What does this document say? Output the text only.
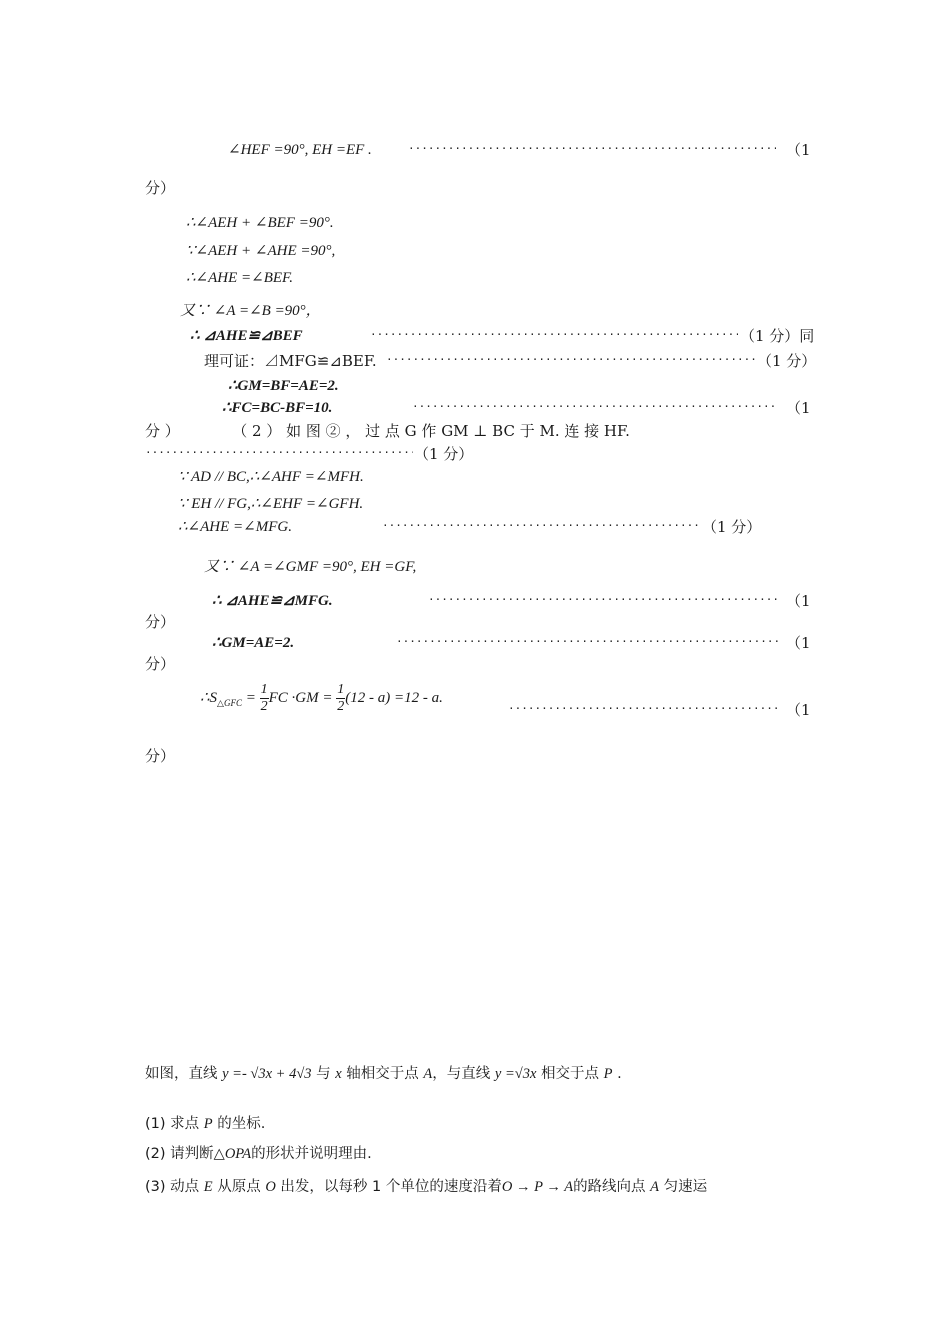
∠HEF =90°, EH =EF . ·····	（1
分）
∴∠AEH + ∠BEF =90°.
∵∠AEH + ∠AHE =90°,
∴∠AHE =∠BEF.
又∵ ∠A =∠B =90°，
∴ ⊿AHE≌⊿BEF ·····	（1 分）同
理可证：⊿MFG≌⊿BEF. ·····	（1 分）
∴GM=BF=AE=2.
∴FC=BC-BF=10. ·····	（1
分 ）           （ 2 ） 如 图 ② ， 过 点 G 作 GM ⊥ BC 于 M. 连 接 HF.
·····
（1 分）
∵ AD // BC,∴∠AHF =∠MFH.
∵ EH // FG,∴∠EHF =∠GFH.
∴∠AHE =∠MFG. ·····	（1 分）
又∵ ∠A =∠GMF =90°, EH =GF,
∴ ⊿AHE≌⊿MFG. ·····	（1
分）
∴GM=AE=2. ·····	（1
分）
$\therefore S_{\triangle GFC} = \frac{1}{2}$ FC $\cdot GM = \frac{1}{2} (12 - a) =12 - a$.
·····
（1
分）
如图，直线 y =- √3x + 4√3 与 x 轴相交于点 A，与直线 y =√3x 相交于点 P .
(1) 求点 P 的坐标.
(2) 请判断△OPA的形状并说明理由.
(3) 动点 E 从原点 O 出发，以每秒 1 个单位的速度沿着O → P → A的路线向点 A 匀速运
